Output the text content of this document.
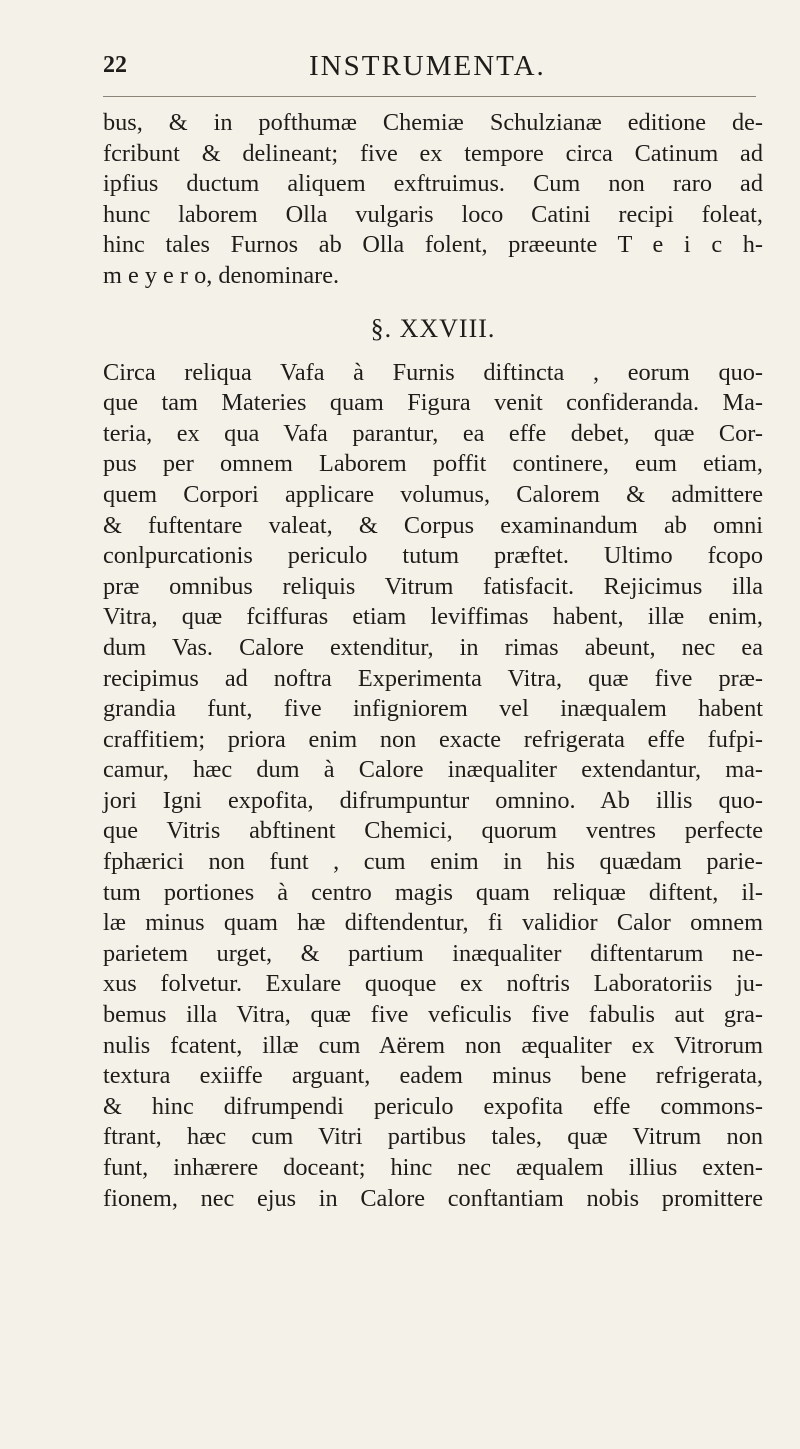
22	INSTRUMENTA.
bus, & in pofthumæ Chemiæ Schulzianæ editione de-
fcribunt & delineant; five ex tempore circa Catinum ad
ipfius ductum aliquem exftruimus. Cum non raro ad
hunc laborem Olla vulgaris loco Catini recipi foleat,
hinc tales Furnos ab Olla folent, præeunte T e i c h-
m e y e r o, denominare.
§. XXVIII.
Circa reliqua Vafa à Furnis diftincta , eorum quo-
que tam Materies quam Figura venit confideranda. Ma-
teria, ex qua Vafa parantur, ea effe debet, quæ Cor-
pus per omnem Laborem poffit continere, eum etiam,
quem Corpori applicare volumus, Calorem & admittere
& fuftentare valeat, & Corpus examinandum ab omni
conlpurcationis periculo tutum præftet. Ultimo fcopo
præ omnibus reliquis Vitrum fatisfacit. Rejicimus illa
Vitra, quæ fciffuras etiam leviffimas habent, illæ enim,
dum Vas. Calore extenditur, in rimas abeunt, nec ea
recipimus ad noftra Experimenta Vitra, quæ five præ-
grandia funt, five infigniorem vel inæqualem habent
craffitiem; priora enim non exacte refrigerata effe fufpi-
camur, hæc dum à Calore inæqualiter extendantur, ma-
jori Igni expofita, difrumpuntur omnino. Ab illis quo-
que Vitris abftinent Chemici, quorum ventres perfecte
fphærici non funt , cum enim in his quædam parie-
tum portiones à centro magis quam reliquæ diftent, il-
læ minus quam hæ diftendentur, fi validior Calor omnem
parietem urget, & partium inæqualiter diftentarum ne-
xus folvetur. Exulare quoque ex noftris Laboratoriis ju-
bemus illa Vitra, quæ five veficulis five fabulis aut gra-
nulis fcatent, illæ cum Aërem non æqualiter ex Vitrorum
textura exiiffe arguant, eadem minus bene refrigerata,
& hinc difrumpendi periculo expofita effe commons-
ftrant, hæc cum Vitri partibus tales, quæ Vitrum non
funt, inhærere doceant; hinc nec æqualem illius exten-
fionem, nec ejus in Calore conftantiam nobis promittere
